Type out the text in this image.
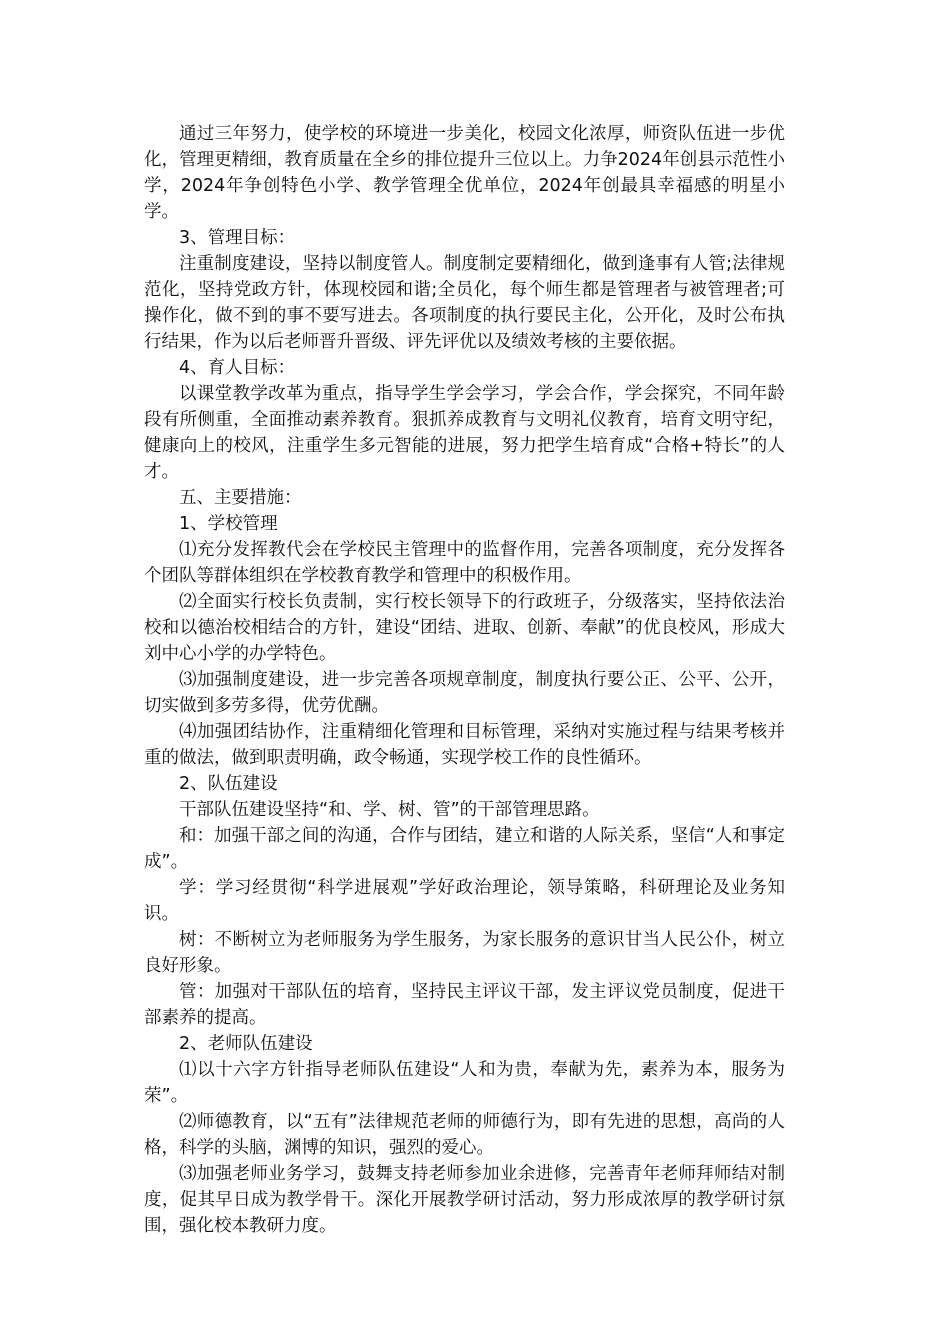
通过三年努力，使学校的环境进一步美化，校园文化浓厚，师资队伍进一步优化，管理更精细，教育质量在全乡的排位提升三位以上。力争2024年创县示范性小学，2024年争创特色小学、教学管理全优单位，2024年创最具幸福感的明星小学。

3、管理目标：

注重制度建设，坚持以制度管人。制度制定要精细化，做到逢事有人管;法律规范化，坚持党政方针，体现校园和谐;全员化，每个师生都是管理者与被管理者;可操作化，做不到的事不要写进去。各项制度的执行要民主化，公开化，及时公布执行结果，作为以后老师晋升晋级、评先评优以及绩效考核的主要依据。

4、育人目标：

以课堂教学改革为重点，指导学生学会学习，学会合作，学会探究，不同年龄段有所侧重，全面推动素养教育。狠抓养成教育与文明礼仪教育，培育文明守纪，健康向上的校风，注重学生多元智能的进展，努力把学生培育成“合格+特长”的人才。

五、主要措施：

1、学校管理

⑴充分发挥教代会在学校民主管理中的监督作用，完善各项制度，充分发挥各个团队等群体组织在学校教育教学和管理中的积极作用。

⑵全面实行校长负责制，实行校长领导下的行政班子，分级落实，坚持依法治校和以德治校相结合的方针，建设“团结、进取、创新、奉献”的优良校风，形成大刘中心小学的办学特色。

⑶加强制度建设，进一步完善各项规章制度，制度执行要公正、公平、公开，切实做到多劳多得，优劳优酬。

⑷加强团结协作，注重精细化管理和目标管理，采纳对实施过程与结果考核并重的做法，做到职责明确，政令畅通，实现学校工作的良性循环。

2、队伍建设

干部队伍建设坚持“和、学、树、管”的干部管理思路。

和：加强干部之间的沟通，合作与团结，建立和谐的人际关系，坚信“人和事定成”。

学：学习经贯彻“科学进展观”学好政治理论，领导策略，科研理论及业务知识。

树：不断树立为老师服务为学生服务，为家长服务的意识甘当人民公仆，树立良好形象。

管：加强对干部队伍的培育，坚持民主评议干部，发主评议党员制度，促进干部素养的提高。

2、老师队伍建设

⑴以十六字方针指导老师队伍建设“人和为贵，奉献为先，素养为本，服务为荣”。

⑵师德教育，以“五有”法律规范老师的师德行为，即有先进的思想，高尚的人格，科学的头脑，渊博的知识，强烈的爱心。

⑶加强老师业务学习，鼓舞支持老师参加业余进修，完善青年老师拜师结对制度，促其早日成为教学骨干。深化开展教学研讨活动，努力形成浓厚的教学研讨氛围，强化校本教研力度。
